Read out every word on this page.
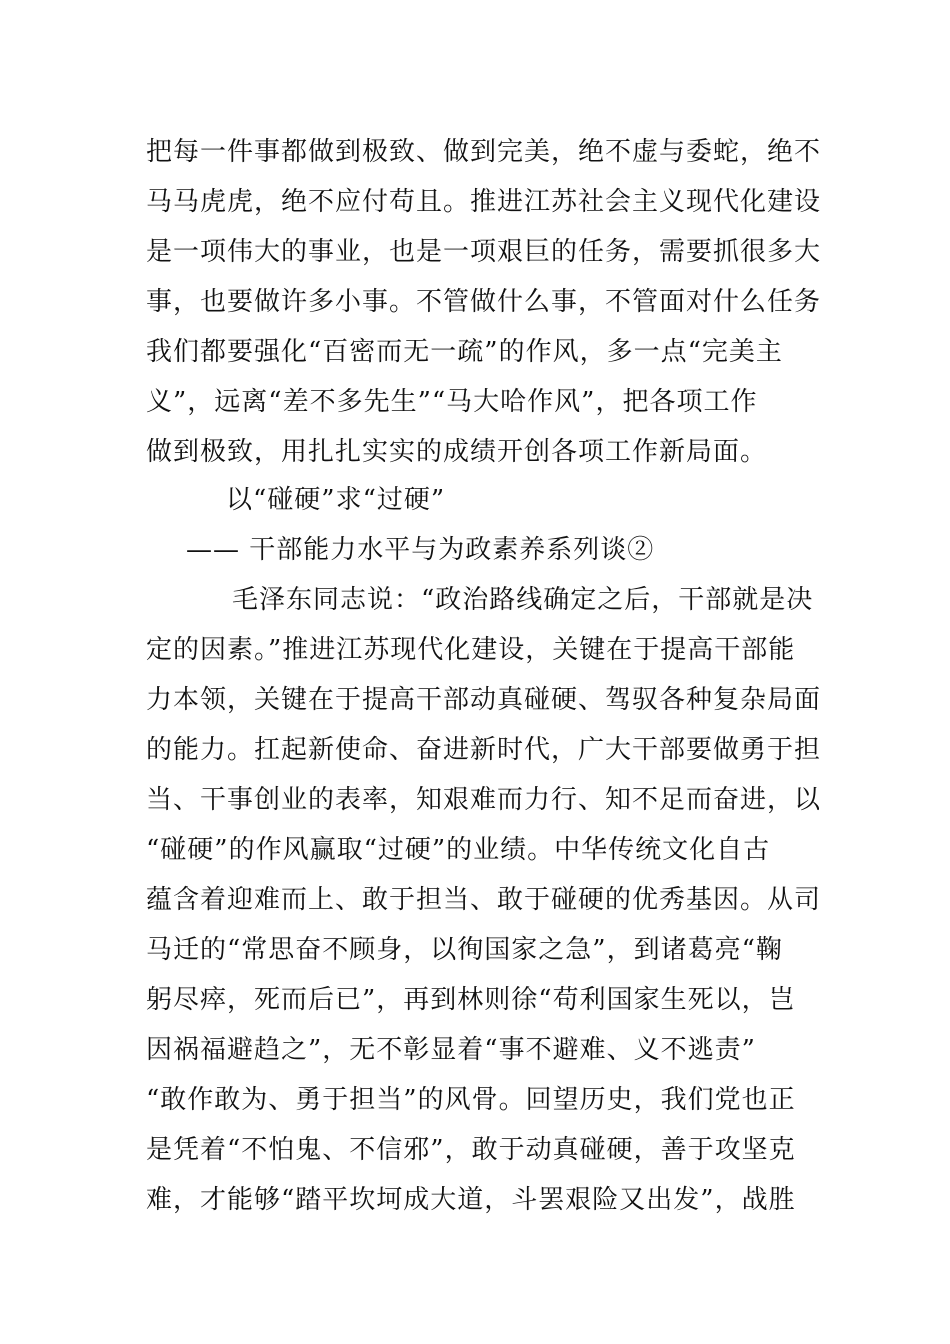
把每一件事都做到极致、做到完美，绝不虚与委蛇，绝不
马马虎虎，绝不应付苟且。推进江苏社会主义现代化建设
是一项伟大的事业，也是一项艰巨的任务，需要抓很多大
事，也要做许多小事。不管做什么事，不管面对什么任务
我们都要强化“百密而无一疏”的作风，多一点“完美主
义”，远离“差不多先生”“马大哈作风”，把各项工作
做到极致，用扎扎实实的成绩开创各项工作新局面。
以“碰硬”求“过硬”
—— 干部能力水平与为政素养系列谈②
毛泽东同志说：“政治路线确定之后，干部就是决
定的因素。”推进江苏现代化建设，关键在于提高干部能
力本领，关键在于提高干部动真碰硬、驾驭各种复杂局面
的能力。扛起新使命、奋进新时代，广大干部要做勇于担
当、干事创业的表率，知艰难而力行、知不足而奋进，以
“碰硬”的作风赢取“过硬”的业绩。中华传统文化自古
蕴含着迎难而上、敢于担当、敢于碰硬的优秀基因。从司
马迁的“常思奋不顾身，以徇国家之急”，到诸葛亮“鞠
躬尽瘁，死而后已”，再到林则徐“苟利国家生死以，岂
因祸福避趋之”，无不彰显着“事不避难、义不逃责”
“敢作敢为、勇于担当”的风骨。回望历史，我们党也正
是凭着“不怕鬼、不信邪”，敢于动真碰硬，善于攻坚克
难，才能够“踏平坎坷成大道，斗罢艰险又出发”，战胜
